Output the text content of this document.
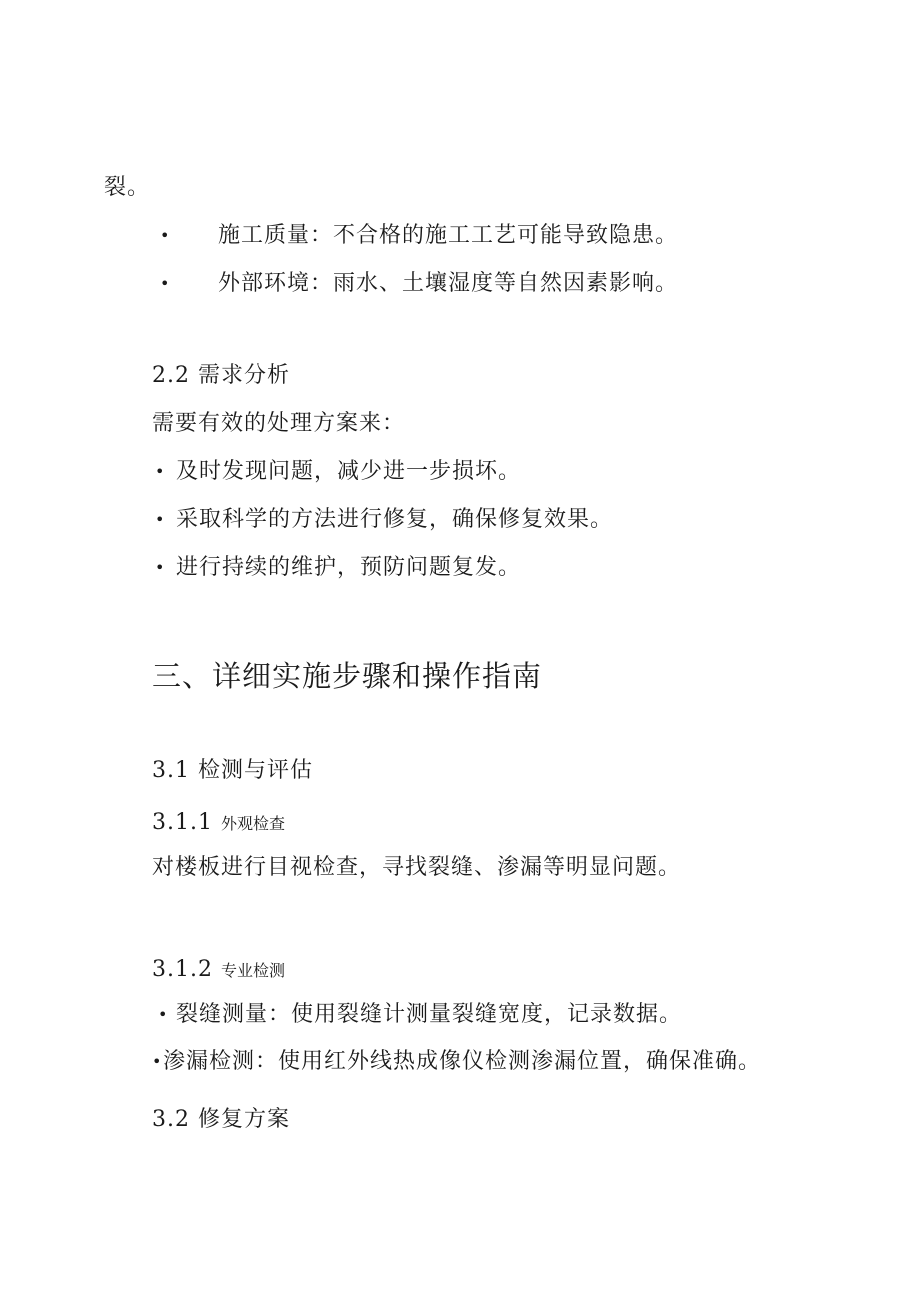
裂。
• 施工质量：不合格的施工工艺可能导致隐患。
• 外部环境：雨水、土壤湿度等自然因素影响。
2.2 需求分析
需要有效的处理方案来：
• 及时发现问题，减少进一步损坏。
• 采取科学的方法进行修复，确保修复效果。
• 进行持续的维护，预防问题复发。
三、详细实施步骤和操作指南
3.1 检测与评估
3.1.1 外观检查
对楼板进行目视检查，寻找裂缝、渗漏等明显问题。
3.1.2 专业检测
• 裂缝测量：使用裂缝计测量裂缝宽度，记录数据。
• 渗漏检测：使用红外线热成像仪检测渗漏位置，确保准确。
3.2 修复方案
